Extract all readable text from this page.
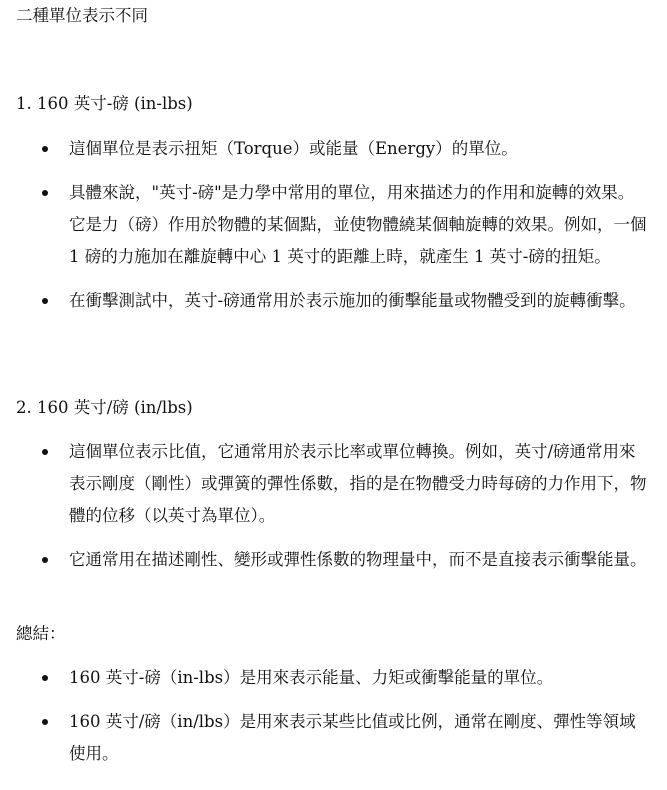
二種單位表示不同

1. 160 英寸-磅 (in-lbs)

這個單位是表示扭矩（Torque）或能量（Energy）的單位。
具體來說，"英寸-磅"是力學中常用的單位，用來描述力的作用和旋轉的效果。它是力（磅）作用於物體的某個點，並使物體繞某個軸旋轉的效果。例如，一個 1 磅的力施加在離旋轉中心 1 英寸的距離上時，就產生 1 英寸-磅的扭矩。
在衝擊測試中，英寸-磅通常用於表示施加的衝擊能量或物體受到的旋轉衝擊。

2. 160 英寸/磅 (in/lbs)

這個單位表示比值，它通常用於表示比率或單位轉換。例如，英寸/磅通常用來表示剛度（剛性）或彈簧的彈性係數，指的是在物體受力時每磅的力作用下，物體的位移（以英寸為單位）。
它通常用在描述剛性、變形或彈性係數的物理量中，而不是直接表示衝擊能量。

總結：

160 英寸-磅（in-lbs）是用來表示能量、力矩或衝擊能量的單位。
160 英寸/磅（in/lbs）是用來表示某些比值或比例，通常在剛度、彈性等領域使用。
